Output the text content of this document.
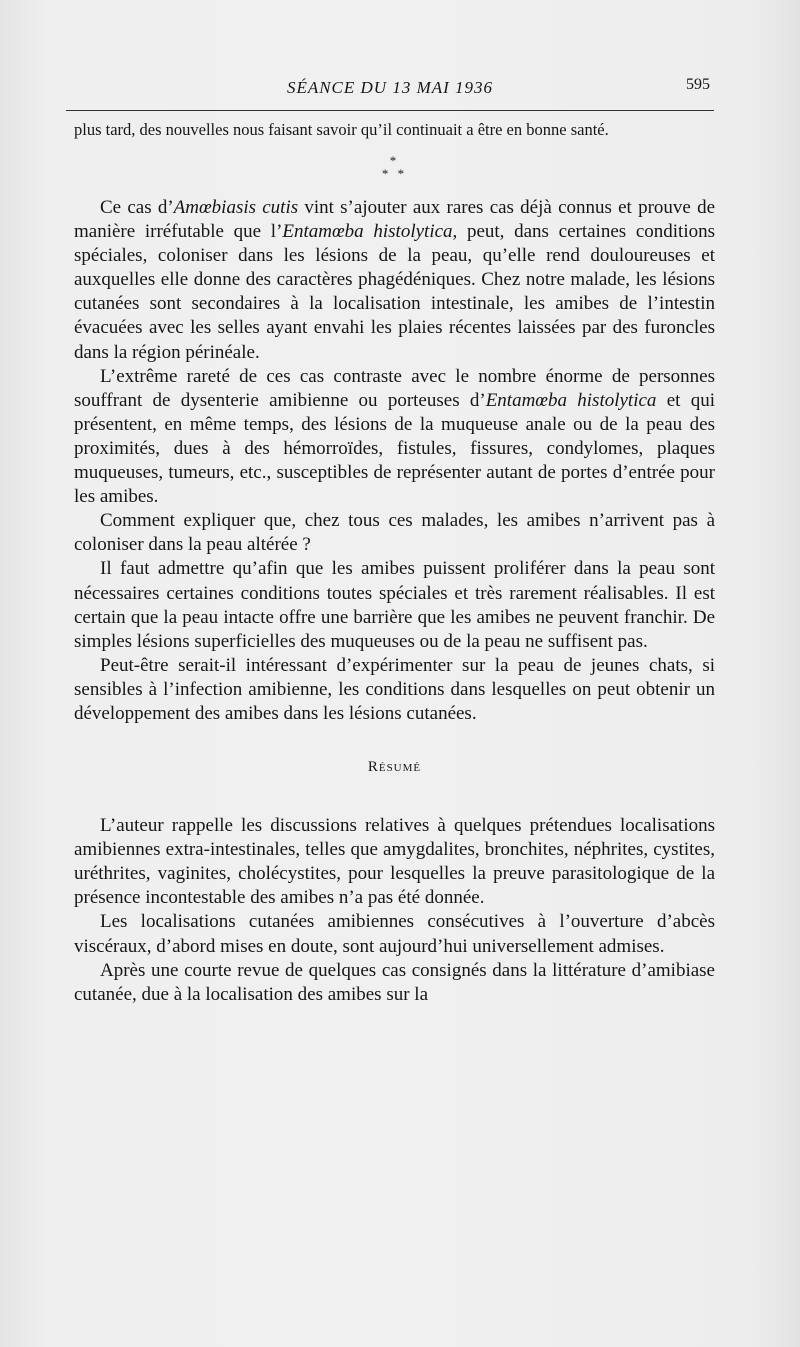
SÉANCE DU 13 MAI 1936	595

plus tard, des nouvelles nous faisant savoir qu’il continuait a être en bonne santé.

*
* *

Ce cas d’Amœbiasis cutis vint s’ajouter aux rares cas déjà connus et prouve de manière irréfutable que l’Entamœba histolytica, peut, dans certaines conditions spéciales, coloniser dans les lésions de la peau, qu’elle rend douloureuses et auxquelles elle donne des caractères phagédéniques. Chez notre malade, les lésions cutanées sont secondaires à la localisation intestinale, les amibes de l’intestin évacuées avec les selles ayant envahi les plaies récentes laissées par des furoncles dans la région périnéale.

L’extrême rareté de ces cas contraste avec le nombre énorme de personnes souffrant de dysenterie amibienne ou porteuses d’Entamœba histolytica et qui présentent, en même temps, des lésions de la muqueuse anale ou de la peau des proximités, dues à des hémorroïdes, fistules, fissures, condylomes, plaques muqueuses, tumeurs, etc., susceptibles de représenter autant de portes d’entrée pour les amibes.

Comment expliquer que, chez tous ces malades, les amibes n’arrivent pas à coloniser dans la peau altérée ?

Il faut admettre qu’afin que les amibes puissent proliférer dans la peau sont nécessaires certaines conditions toutes spéciales et très rarement réalisables. Il est certain que la peau intacte offre une barrière que les amibes ne peuvent franchir. De simples lésions superficielles des muqueuses ou de la peau ne suffisent pas.

Peut-être serait-il intéressant d’expérimenter sur la peau de jeunes chats, si sensibles à l’infection amibienne, les conditions dans lesquelles on peut obtenir un développement des amibes dans les lésions cutanées.

Résumé

L’auteur rappelle les discussions relatives à quelques prétendues localisations amibiennes extra-intestinales, telles que amygdalites, bronchites, néphrites, cystites, uréthrites, vaginites, cholécystites, pour lesquelles la preuve parasitologique de la présence incontestable des amibes n’a pas été donnée.

Les localisations cutanées amibiennes consécutives à l’ouverture d’abcès viscéraux, d’abord mises en doute, sont aujourd’hui universellement admises.

Après une courte revue de quelques cas consignés dans la littérature d’amibiase cutanée, due à la localisation des amibes sur la
